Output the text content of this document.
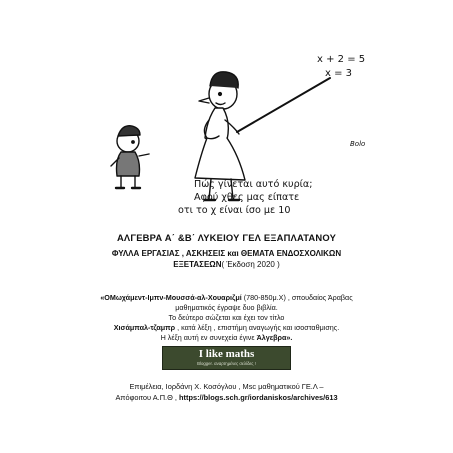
x + 2 = 5
x = 3
Bolo
Πώς γίνεται αυτό κυρία;
Αφού χθες μας είπατε
οτι το χ είναι ίσο με 10
ΑΛΓΕΒΡΑ Α΄ &Β΄ ΛΥΚΕΙΟΥ ΓΕΛ ΕΞΑΠΛΑΤΑΝΟΥ
ΦΥΛΛΑ ΕΡΓΑΣΙΑΣ , ΑΣΚΗΣΕΙΣ και ΘΕΜΑΤΑ ΕΝΔΟΣΧΟΛΙΚΩΝ
ΕΞΕΤΑΣΕΩΝ( Έκδοση 2020 )
«ΟΜωχάμεντ-Ιμπν-Μουσσά-αλ-Χουαριζμί (780-850μ.Χ) , σπουδαίος Άραβας
μαθηματικός έγραψε δυο βιβλία.
Το δεύτερο σώζεται και έχει τον τίτλο
Χισάμπαλ-τζαμπρ , κατά λέξη , επιστήμη αναγωγής και ισοσταθμισης.
Η λέξη αυτή εν συνεχεία έγινε Άλγεβρα».
I like maths
Blogger. αναρτημένες σελίδες !
Επιμέλεια, Ιορδάνη Χ. Κοσόγλου , Msc μαθηματικού ΓΕ.Λ –
Απόφοιτου Α.Π.Θ , https://blogs.sch.gr/iordaniskos/archives/613
